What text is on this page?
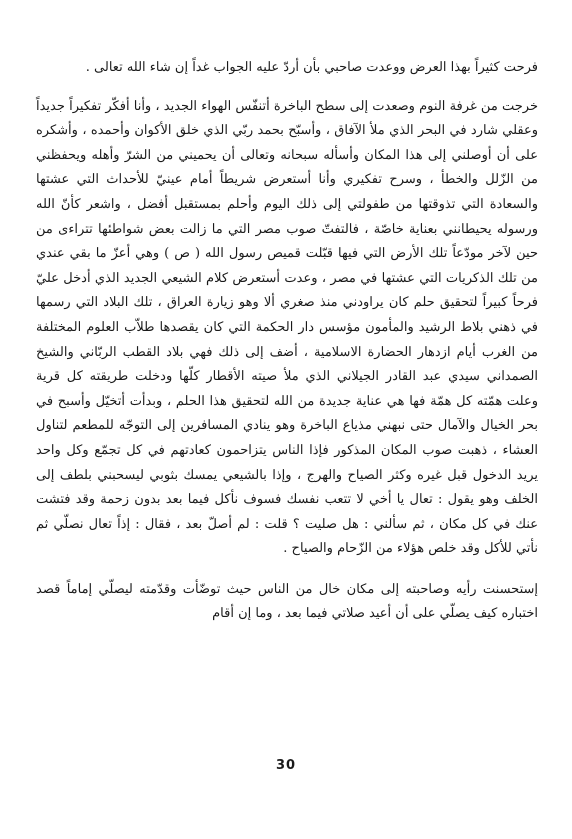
فرحت كثيراً بهذا العرض ووعدت صاحبي بأن أردّ عليه الجواب غداً إن شاء الله تعالى .

خرجت من غرفة النوم وصعدت إلى سطح الباخرة أتنفّس الهواء الجديد ، وأنا أفكّر تفكيراً جديداً وعقلي شارد في البحر الذي ملأ الآفاق ، وأسبّح بحمد ربّي الذي خلق الأكوان وأحمده ، وأشكره على أن أوصلني إلى هذا المكان وأسأله سبحانه وتعالى أن يحميني من الشرّ وأهله ويحفظني من الزّلل والخطأ ، وسرح تفكيري وأنا أستعرض شريطاً أمام عينيّ للأحداث التي عشتها والسعادة التي تذوقتها من طفولتي إلى ذلك اليوم وأحلم بمستقبل أفضل ، واشعر كأنّ الله ورسوله يحيطانني بعناية خاصّة ، فالتفتّ صوب مصر التي ما زالت بعض شواطئها تتراءى من حين لآخر مودّعاً تلك الأرض التي فيها قبّلت قميص رسول الله ( ص ) وهي أعزّ ما بقي عندي من تلك الذكريات التي عشتها في مصر ، وعدت أستعرض كلام الشيعي الجديد الذي أدخل عليّ فرحاً كبيراً لتحقيق حلم كان يراودني منذ صغري ألا وهو زيارة العراق ، تلك البلاد التي رسمها في ذهني بلاط الرشيد والمأمون مؤسس دار الحكمة التي كان يقصدها طلاّب العلوم المختلفة من الغرب أيام ازدهار الحضارة الاسلامية ، أضف إلى ذلك فهي بلاد القطب الربّاني والشيخ الصمداني سيدي عبد القادر الجيلاني الذي ملأ صيته الأقطار كلّها ودخلت طريقته كل قرية وعلت همّته كل همّة فها هي عناية جديدة من الله لتحقيق هذا الحلم ، وبدأت أتخيّل وأسبح في بحر الخيال والآمال حتى نبهني مذياع الباخرة وهو ينادي المسافرين إلى التوجّه للمطعم لتناول العشاء ، ذهبت صوب المكان المذكور فإذا الناس يتزاحمون كعادتهم في كل تجمّع وكل واحد يريد الدخول قبل غيره وكثر الصياح والهرج ، وإذا بالشيعي يمسك بثوبي ليسحبني بلطف إلى الخلف وهو يقول : تعال يا أخي لا تتعب نفسك فسوف نأكل فيما بعد بدون زحمة وقد فتشت عنك في كل مكان ، ثم سألني : هل صليت ؟ قلت : لم أصلّ بعد ، فقال : إذاً تعال نصلّي ثم نأتي للأكل وقد خلص هؤلاء من الزّحام والصياح .

إستحسنت رأيه وصاحبته إلى مكان خال من الناس حيث توضّأت وقدّمته ليصلّي إماماً قصد اختباره كيف يصلّي على أن أعيد صلاتي فيما بعد ، وما إن أقام

30
